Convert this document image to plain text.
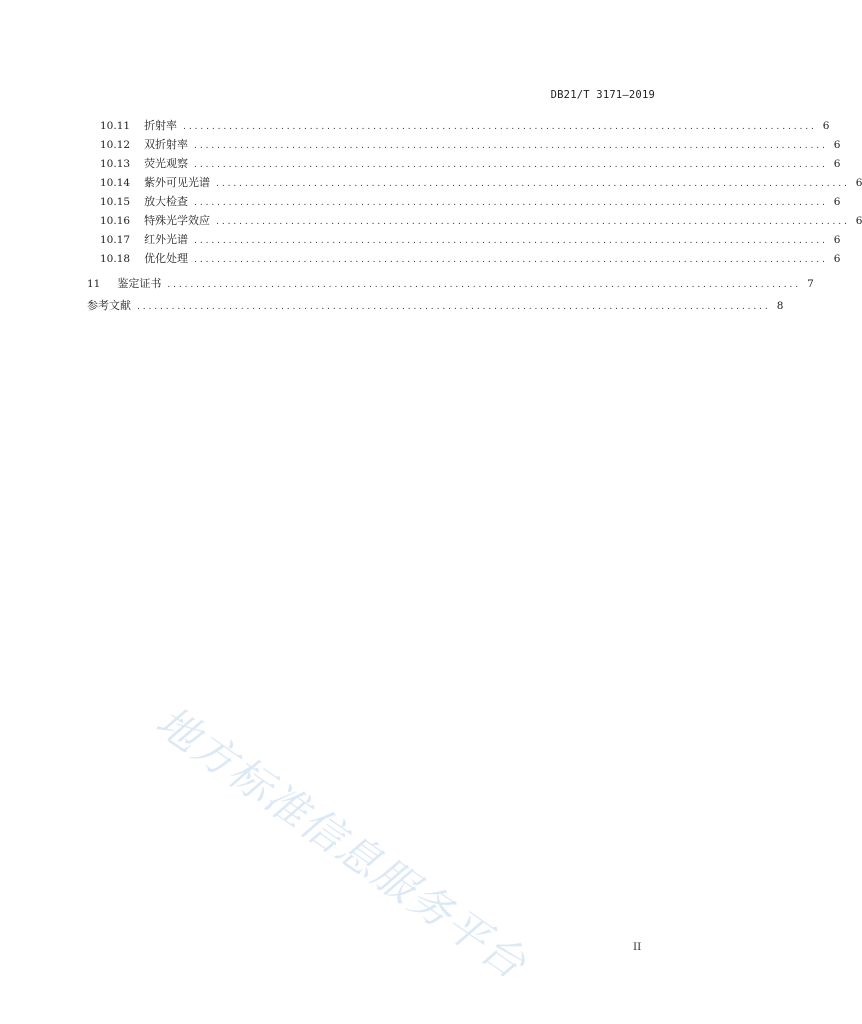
DB21/T 3171—2019
10.11 折射率 .............................................................................................................. 6
10.12 双折射率 .............................................................................................................. 6
10.13 荧光观察 .............................................................................................................. 6
10.14 紫外可见光谱 .............................................................................................................. 6
10.15 放大检查 .............................................................................................................. 6
10.16 特殊光学效应 .............................................................................................................. 6
10.17 红外光谱 .............................................................................................................. 6
10.18 优化处理 .............................................................................................................. 6
11 鉴定证书 .............................................................................................................. 7
参考文献 .............................................................................................................. 8
地方标准信息服务平台	II
